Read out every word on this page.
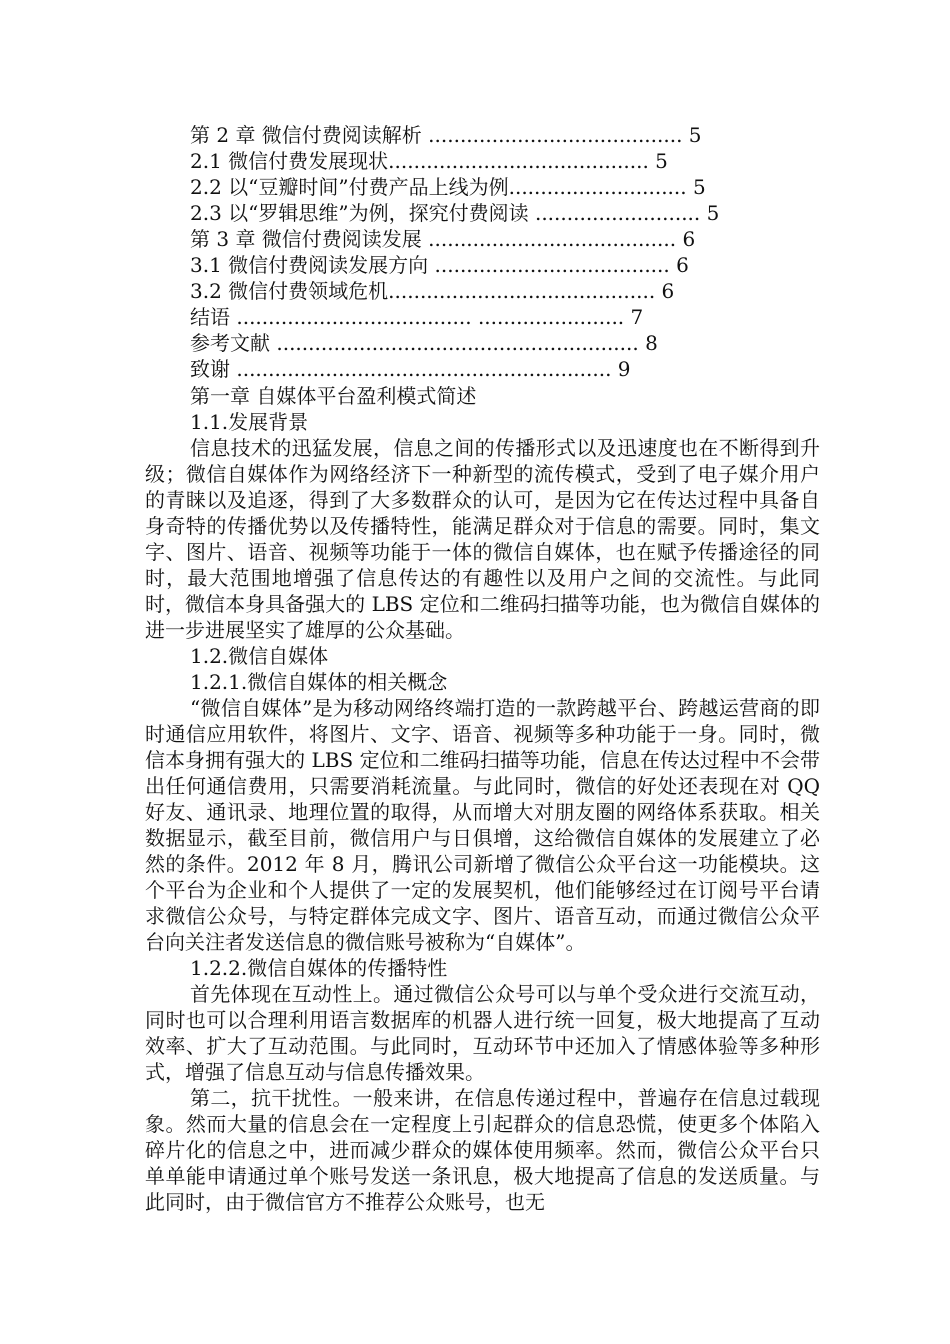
第 2 章 微信付费阅读解析 ........................................ 5
2.1 微信付费发展现状......................................... 5
2.2 以“豆瓣时间”付费产品上线为例............................ 5
2.3 以“罗辑思维”为例，探究付费阅读 .......................... 5
第 3 章 微信付费阅读发展 ....................................... 6
3.1 微信付费阅读发展方向 ..................................... 6
3.2 微信付费领域危机.......................................... 6
结语 ..................................... ....................... 7
参考文献 ......................................................... 8
致谢 ........................................................... 9
第一章 自媒体平台盈利模式简述
1.1.发展背景

信息技术的迅猛发展，信息之间的传播形式以及迅速度也在不断得到升级；微信自媒体作为网络经济下一种新型的流传模式，受到了电子媒介用户的青睐以及追逐，得到了大多数群众的认可，是因为它在传达过程中具备自身奇特的传播优势以及传播特性，能满足群众对于信息的需要。同时，集文字、图片、语音、视频等功能于一体的微信自媒体，也在赋予传播途径的同时，最大范围地增强了信息传达的有趣性以及用户之间的交流性。与此同时，微信本身具备强大的 LBS 定位和二维码扫描等功能，也为微信自媒体的进一步进展坚实了雄厚的公众基础。

1.2.微信自媒体
1.2.1.微信自媒体的相关概念

“微信自媒体”是为移动网络终端打造的一款跨越平台、跨越运营商的即时通信应用软件，将图片、文字、语音、视频等多种功能于一身。同时，微信本身拥有强大的 LBS 定位和二维码扫描等功能，信息在传达过程中不会带出任何通信费用，只需要消耗流量。与此同时，微信的好处还表现在对 QQ 好友、通讯录、地理位置的取得，从而增大对朋友圈的网络体系获取。相关数据显示，截至目前，微信用户与日俱增，这给微信自媒体的发展建立了必然的条件。2012 年 8 月，腾讯公司新增了微信公众平台这一功能模块。这个平台为企业和个人提供了一定的发展契机，他们能够经过在订阅号平台请求微信公众号，与特定群体完成文字、图片、语音互动，而通过微信公众平台向关注者发送信息的微信账号被称为“自媒体”。

1.2.2.微信自媒体的传播特性

首先体现在互动性上。通过微信公众号可以与单个受众进行交流互动，同时也可以合理利用语言数据库的机器人进行统一回复，极大地提高了互动效率、扩大了互动范围。与此同时，互动环节中还加入了情感体验等多种形式，增强了信息互动与信息传播效果。

第二，抗干扰性。一般来讲，在信息传递过程中，普遍存在信息过载现象。然而大量的信息会在一定程度上引起群众的信息恐慌，使更多个体陷入碎片化的信息之中，进而减少群众的媒体使用频率。然而，微信公众平台只单单能申请通过单个账号发送一条讯息，极大地提高了信息的发送质量。与此同时，由于微信官方不推荐公众账号，也无
